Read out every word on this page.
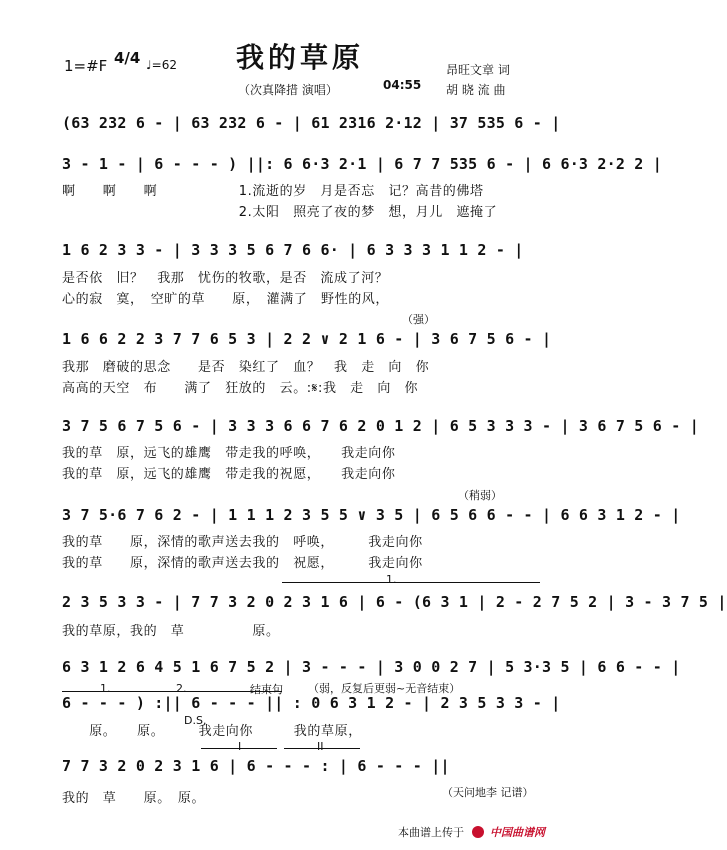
我的草原
1=#F 4/4 ♩=62
（次真降措 演唱）	04:55
昂旺文章 词
胡 晓 流 曲
(63 232 6 - | 63 232 6 - | 61 2316 2·12 | 37 535 6 - |
3 - 1 - | 6 - - - ) ||: 6 6·3 2·1 | 6 7 7 535 6 - | 6 6·3 2·2 2 |
啊　　啊　　啊　　　　　　1.流逝的岁　月是否忘　记？高昔的佛塔
　　　　　　　　　　　　　2.太阳　照亮了夜的梦　想，月儿　遮掩了
1 6 2 3 3 - | 3 3 3 5 6 7 6 6· | 6 3 3 3 1 1 2 - |
是否依　旧？　我那　忧伤的牧歌，是否　流成了河？
心的寂　寞，　空旷的草　　原，　灌满了　野性的风，
（强）
1 6 6 2 2 3 7 7 6 5 3 | 2 2 ∨ 2 1 6 - | 3 6 7 5 6 - |
我那　磨破的思念　　是否　染红了　血？　我　走　向　你
高高的天空　布　　满了　狂放的　云。:𝄋:我　走　向　你
3 7 5 6 7 5 6 - | 3 3 3 6 6 7 6 2 0 1 2 | 6 5 3 3 3 - | 3 6 7 5 6 - |
我的草　原，远飞的雄鹰　带走我的呼唤，　　我走向你
我的草　原，远飞的雄鹰　带走我的祝愿，　　我走向你
（稍弱）
3 7 5·6 7 6 2 - | 1 1 1 2 3 5 5 ∨ 3 5 | 6 5 6 6 - - | 6 6 3 1 2 - |
我的草　　原，深情的歌声送去我的　呼唤，　　　我走向你
我的草　　原，深情的歌声送去我的　祝愿，　　　我走向你
1.
2 3 5 3 3 - | 7 7 3 2 0 2 3 1 6 | 6 - (6 3 1 | 2 - 2 7 5 2 | 3 - 3 7 5 |
我的草原，我的　草　　　　　原。
6 3 1 2 6 4 5 1 6 7 5 2 | 3 - - - | 3 0 0 2 7 | 5 3·3 5 | 6 6 - - |
1.	2.	结束句 （弱，反复后更弱~无音结束）
6 - - - ) :|| 6 - - - || : 0 6 3 1 2 - | 2 3 5 3 3 - |
D.S.
　　原。　　原。　　　我走向你　　　我的草原，
I	II
7 7 3 2 0 2 3 1 6 | 6 - - - : | 6 - - - ||
我的　草　　原。　原。	（天问地李 记谱）
本曲谱上传于 中国曲谱网
